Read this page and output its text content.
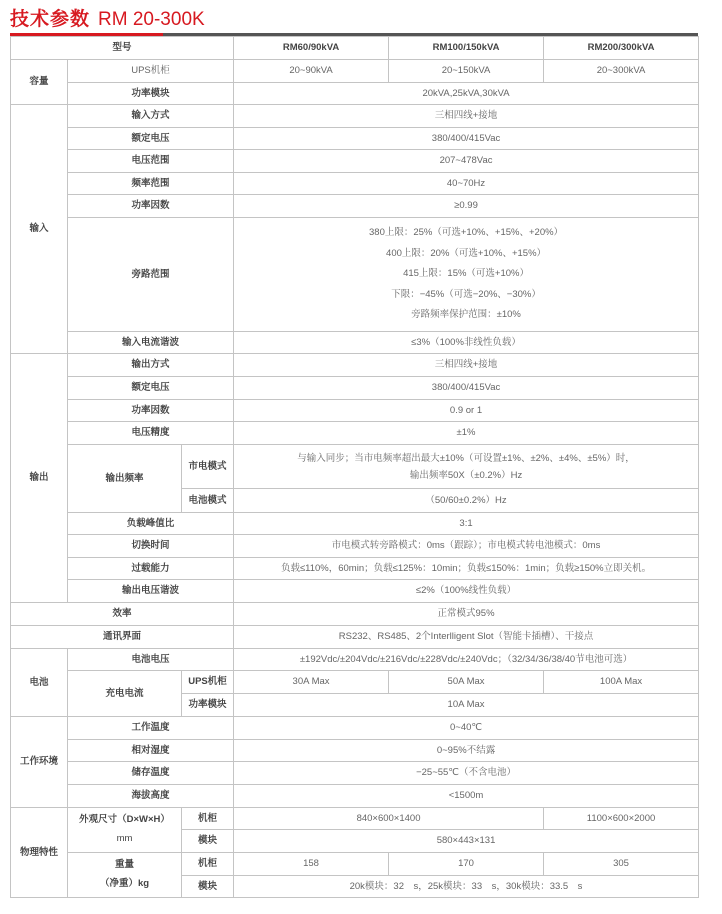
技术参数 RM 20-300K
型号			RM60/90kVA	RM100/150kVA	RM200/300kVA
容量	UPS机柜		20~90kVA	20~150kVA	20~300kVA
	功率模块		20kVA,25kVA,30kVA		
输入	输入方式		三相四线+接地		
	额定电压		380/400/415Vac		
	电压范围		207~478Vac		
	频率范围		40~70Hz		
	功率因数		≥0.99		
	旁路范围		380上限：25%（可选+10%、+15%、+20%）
400上限：20%（可选+10%、+15%）
415上限：15%（可选+10%）
下限：−45%（可选−20%、−30%）
旁路频率保护范围：±10%		

	输入电流谐波		≤3%（100%非线性负载）		
输出	输出方式		三相四线+接地		
	额定电压		380/400/415Vac		
	功率因数		0.9 or 1		
	电压精度		±1%		
	输出频率	市电模式	与输入同步；当市电频率超出最大±10%（可设置±1%、±2%、±4%、±5%）时，
输出频率50X（±0.2%）Hz		

		电池模式	（50/60±0.2%）Hz		
	负载峰值比		3:1		
	切换时间		市电模式转旁路模式：0ms（跟踪）；市电模式转电池模式：0ms		
	过载能力		负载≤110%，60min；负载≤125%：10min；负载≤150%：1min；负载≥150%立即关机。		
	输出电压谐波		≤2%（100%线性负载）		
效率			正常模式95%		
通讯界面			RS232、RS485、2个Interlligent Slot（智能卡插槽）、干接点		
电池	电池电压		±192Vdc/±204Vdc/±216Vdc/±228Vdc/±240Vdc；（32/34/36/38/40节电池可选）		
	充电电流	UPS机柜	30A Max	50A Max	100A Max
		功率模块	10A Max		
工作环境	工作温度		0~40℃		
	相对湿度		0~95%不结露		
	储存温度		−25~55℃（不含电池）		
	海拔高度		<1500m		
物理特性	外观尺寸（D×W×H）
mm	机柜	840×600×1400		1100×600×2000
		模块	580×443×131		

	重量
（净重）kg	机柜	158	170	305
		模块	20k模块：32　s，25k模块：33　s，30k模块：33.5　s		
